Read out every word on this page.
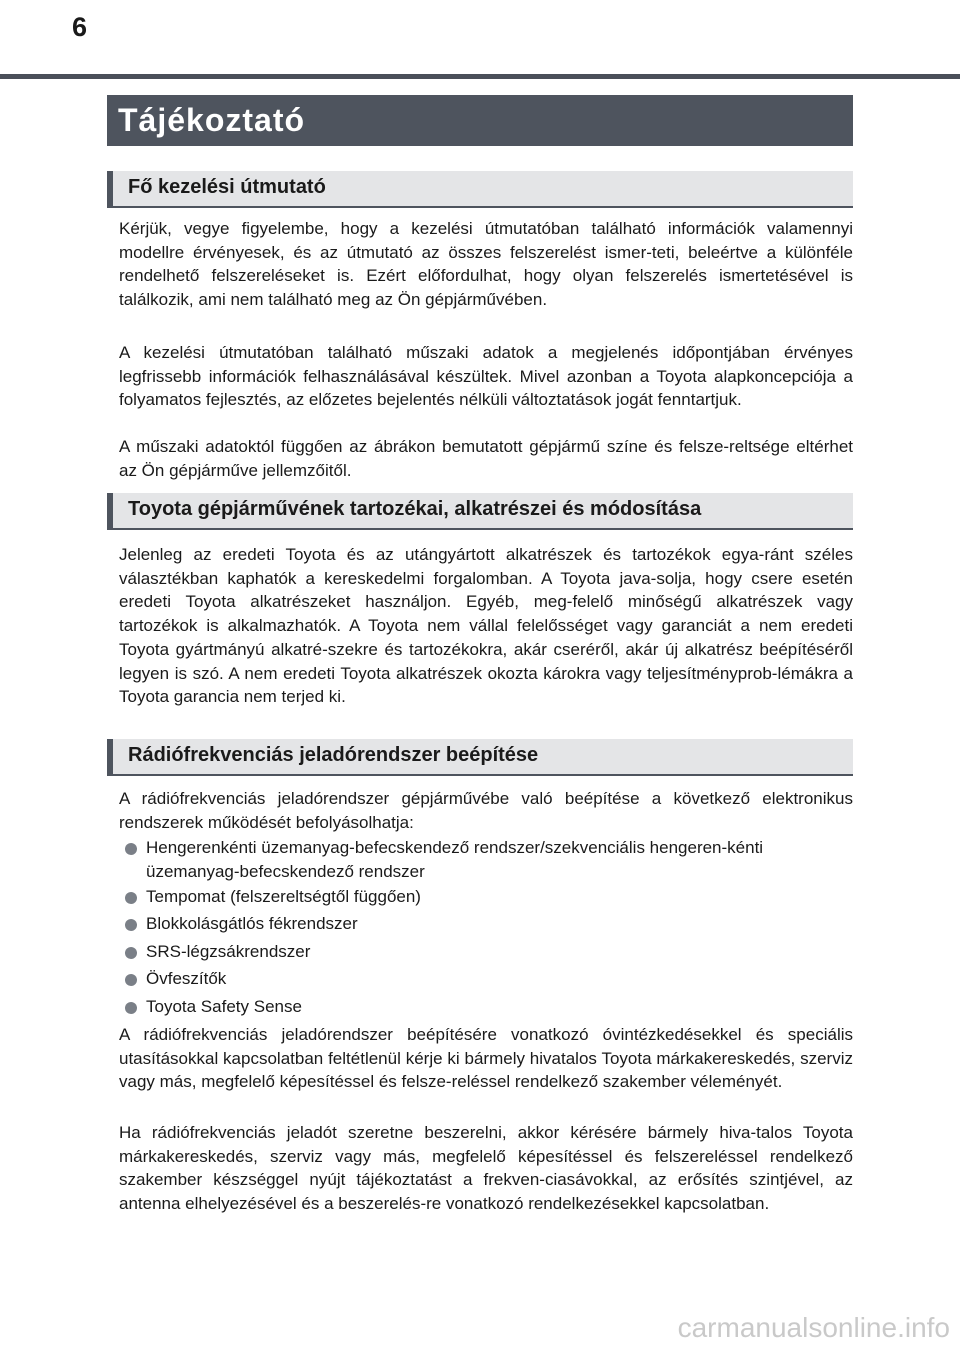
6
Tájékoztató
Fő kezelési útmutató

Kérjük, vegye figyelembe, hogy a kezelési útmutatóban található információk valamennyi modellre érvényesek, és az útmutató az összes felszerelést ismer-teti, beleértve a különféle rendelhető felszereléseket is. Ezért előfordulhat, hogy olyan felszerelés ismertetésével is találkozik, ami nem található meg az Ön gépjárművében.

A kezelési útmutatóban található műszaki adatok a megjelenés időpontjában érvényes legfrissebb információk felhasználásával készültek. Mivel azonban a Toyota alapkoncepciója a folyamatos fejlesztés, az előzetes bejelentés nélküli változtatások jogát fenntartjuk.

A műszaki adatoktól függően az ábrákon bemutatott gépjármű színe és felsze-reltsége eltérhet az Ön gépjárműve jellemzőitől.

Toyota gépjárművének tartozékai, alkatrészei és módosítása

Jelenleg az eredeti Toyota és az utángyártott alkatrészek és tartozékok egya-ránt széles választékban kaphatók a kereskedelmi forgalomban. A Toyota java-solja, hogy csere esetén eredeti Toyota alkatrészeket használjon. Egyéb, meg-felelő minőségű alkatrészek vagy tartozékok is alkalmazhatók. A Toyota nem vállal felelősséget vagy garanciát a nem eredeti Toyota gyártmányú alkatré-szekre és tartozékokra, akár cseréről, akár új alkatrész beépítéséről legyen is szó. A nem eredeti Toyota alkatrészek okozta károkra vagy teljesítményprob-lémákra a Toyota garancia nem terjed ki.

Rádiófrekvenciás jeladórendszer beépítése

A rádiófrekvenciás jeladórendszer gépjárművébe való beépítése a következő elektronikus rendszerek működését befolyásolhatja:

Hengerenkénti üzemanyag-befecskendező rendszer/szekvenciális hengeren-kénti üzemanyag-befecskendező rendszer
Tempomat (felszereltségtől függően)
Blokkolásgátlós fékrendszer
SRS-légzsákrendszer
Övfeszítők
Toyota Safety Sense

A rádiófrekvenciás jeladórendszer beépítésére vonatkozó óvintézkedésekkel és speciális utasításokkal kapcsolatban feltétlenül kérje ki bármely hivatalos Toyota márkakereskedés, szerviz vagy más, megfelelő képesítéssel és felsze-reléssel rendelkező szakember véleményét.

Ha rádiófrekvenciás jeladót szeretne beszerelni, akkor kérésére bármely hiva-talos Toyota márkakereskedés, szerviz vagy más, megfelelő képesítéssel és felszereléssel rendelkező szakember készséggel nyújt tájékoztatást a frekven-ciasávokkal, az erősítés szintjével, az antenna elhelyezésével és a beszerelés-re vonatkozó rendelkezésekkel kapcsolatban.

carmanualsonline.info
